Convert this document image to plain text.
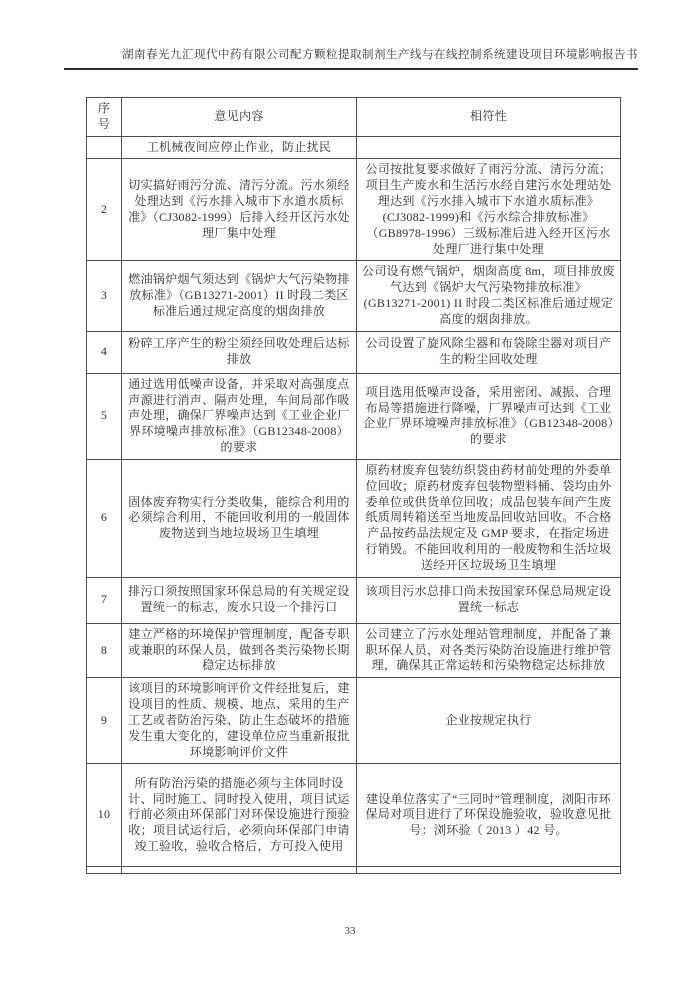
湖南春光九汇现代中药有限公司配方颗粒提取制剂生产线与在线控制系统建设项目环境影响报告书
序号	意见内容	相符性
	工机械夜间应停止作业，防止扰民	
2	切实搞好雨污分流、清污分流。污水须经处理达到《污水排入城市下水道水质标准》（CJ3082-1999）后排入经开区污水处理厂集中处理	公司按批复要求做好了雨污分流、清污分流；项目生产废水和生活污水经自建污水处理站处理达到《污水排入城市下水道水质标准》(CJ3082-1999)和《污水综合排放标准》（GB8978-1996）三级标准后进入经开区污水处理厂进行集中处理
3	燃油锅炉烟气须达到《锅炉大气污染物排放标准》（GB13271-2001）II 时段二类区标准后通过规定高度的烟囱排放	公司设有燃气锅炉，烟囱高度 8m，项目排放废气达到《锅炉大气污染物排放标准》(GB13271-2001) II 时段二类区标准后通过规定高度的烟囱排放。
4	粉碎工序产生的粉尘须经回收处理后达标排放	公司设置了旋风除尘器和布袋除尘器对项目产生的粉尘回收处理
5	通过选用低噪声设备，并采取对高强度点声源进行消声、隔声处理，车间局部作吸声处理，确保厂界噪声达到《工业企业厂界环境噪声排放标准》（GB12348-2008）的要求	项目选用低噪声设备，采用密闭、减振、合理布局等措施进行降噪，厂界噪声可达到《工业企业厂界环境噪声排放标准》（GB12348-2008）的要求
6	固体废弃物实行分类收集，能综合利用的必须综合利用，不能回收利用的一般固体废物送到当地垃圾场卫生填埋	原药材废弃包装纺织袋由药材前处理的外委单位回收；原药材废弃包装物塑料桶、袋均由外委单位或供货单位回收；成品包装车间产生废纸质周转箱送至当地废品回收站回收。不合格产品按药品法规定及 GMP 要求，在指定场进行销毁。不能回收利用的一般废物和生活垃圾送经开区垃圾场卫生填埋
7	排污口须按照国家环保总局的有关规定设置统一的标志，废水只设一个排污口	该项目污水总排口尚未按国家环保总局规定设置统一标志
8	建立严格的环境保护管理制度，配备专职或兼职的环保人员，做到各类污染物长期稳定达标排放	公司建立了污水处理站管理制度，并配备了兼职环保人员，对各类污染防治设施进行维护管理，确保其正常运转和污染物稳定达标排放
9	该项目的环境影响评价文件经批复后，建设项目的性质、规模、地点、采用的生产工艺或者防治污染、防止生态破坏的措施发生重大变化的，建设单位应当重新报批环境影响评价文件	企业按规定执行
10	所有防治污染的措施必须与主体同时设计、同时施工、同时投入使用，项目试运行前必须由环保部门对环保设施进行预验收；项目试运行后，必须向环保部门申请竣工验收，验收合格后，方可投入使用	建设单位落实了“三同时”管理制度，浏阳市环保局对项目进行了环保设施验收，验收意见批号：浏环验（ 2013 ）42 号。

33
